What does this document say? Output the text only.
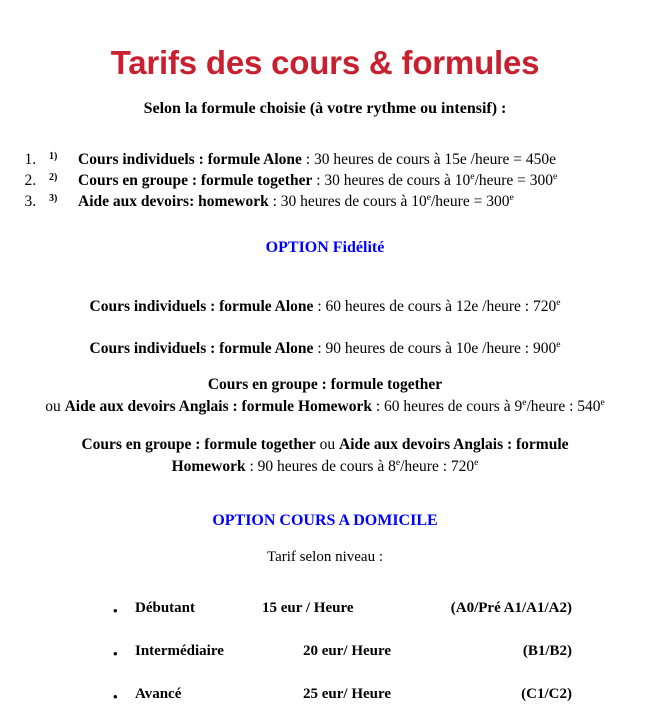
Tarifs des cours & formules
Selon la formule choisie (à votre rythme ou intensif) :
1. 1) Cours individuels : formule Alone : 30 heures de cours à 15e /heure = 450e
2. 2) Cours en groupe : formule together : 30 heures de cours à $10^e$/heure = $300^e$
3. 3) Aide aux devoirs: homework : 30 heures de cours à $10^e$/heure = $300^e$
OPTION Fidélité
Cours individuels : formule Alone : 60 heures de cours à 12e /heure : 720e
Cours individuels : formule Alone : 90 heures de cours à 10e /heure : 900e
Cours en groupe : formule together
ou Aide aux devoirs Anglais : formule Homework : 60 heures de cours à 9e/heure : 540e
Cours en groupe : formule together ou Aide aux devoirs Anglais : formule
Homework : 90 heures de cours à 8e/heure : 720e
OPTION COURS A DOMICILE
Tarif selon niveau :
• Débutant	15 eur / Heure	(A0/Pré A1/A1/A2)
• Intermédiaire	20 eur/ Heure	(B1/B2)
• Avancé	25 eur/ Heure	(C1/C2)
